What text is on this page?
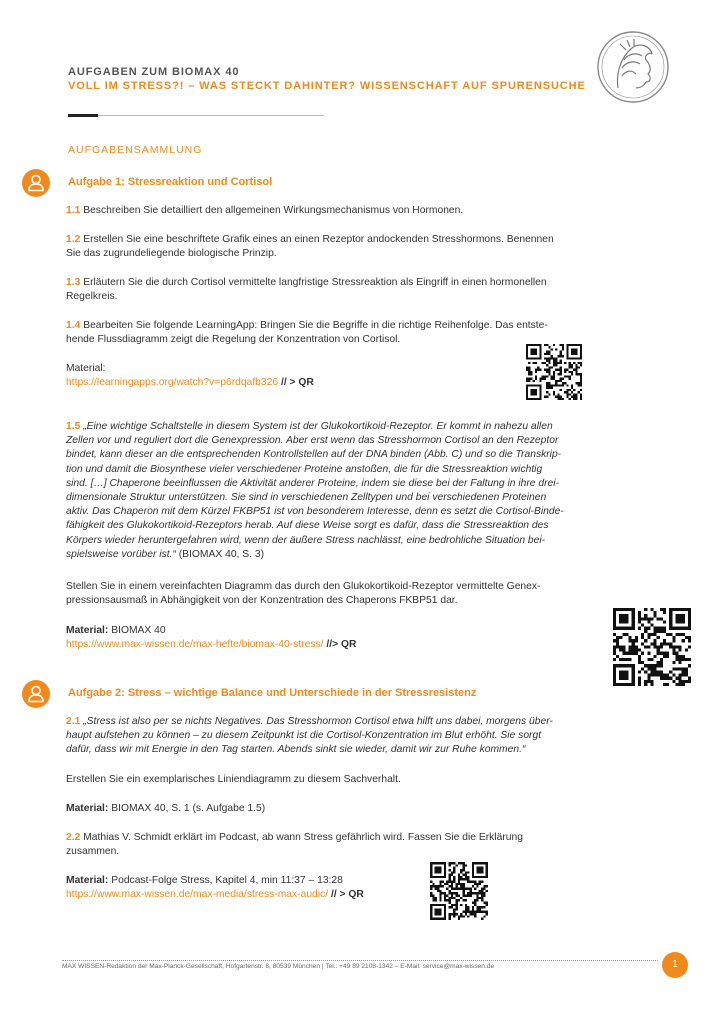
AUFGABEN ZUM BIOMAX 40
VOLL IM STRESS?! – WAS STECKT DAHINTER? WISSENSCHAFT AUF SPURENSUCHE
AUFGABENSAMMLUNG
Aufgabe 1: Stressreaktion und Cortisol
1.1 Beschreiben Sie detailliert den allgemeinen Wirkungsmechanismus von Hormonen.
1.2 Erstellen Sie eine beschriftete Grafik eines an einen Rezeptor andockenden Stresshormons. Benennen
Sie das zugrundeliegende biologische Prinzip.
1.3 Erläutern Sie die durch Cortisol vermittelte langfristige Stressreaktion als Eingriff in einen hormonellen
Regelkreis.
1.4 Bearbeiten Sie folgende LearningApp: Bringen Sie die Begriffe in die richtige Reihenfolge. Das entste-
hende Flussdiagramm zeigt die Regelung der Konzentration von Cortisol.
Material:
https://learningapps.org/watch?v=p6rdqafb326 // > QR
1.5 „Eine wichtige Schaltstelle in diesem System ist der Glukokortikoid-Rezeptor. Er kommt in nahezu allen
Zellen vor und reguliert dort die Genexpression. Aber erst wenn das Stresshormon Cortisol an den Rezeptor
bindet, kann dieser an die entsprechenden Kontrollstellen auf der DNA binden (Abb. C) und so die Transkrip-
tion und damit die Biosynthese vieler verschiedener Proteine anstoßen, die für die Stressreaktion wichtig
sind. […] Chaperone beeinflussen die Aktivität anderer Proteine, indem sie diese bei der Faltung in ihre drei-
dimensionale Struktur unterstützen. Sie sind in verschiedenen Zelltypen und bei verschiedenen Proteinen
aktiv. Das Chaperon mit dem Kürzel FKBP51 ist von besonderem Interesse, denn es setzt die Cortisol-Binde-
fähigkeit des Glukokortikoid-Rezeptors herab. Auf diese Weise sorgt es dafür, dass die Stressreaktion des
Körpers wieder heruntergefahren wird, wenn der äußere Stress nachlässt, eine bedrohliche Situation bei-
spielsweise vorüber ist.“ (BIOMAX 40, S. 3)
Stellen Sie in einem vereinfachten Diagramm das durch den Glukokortikoid-Rezeptor vermittelte Genex-
pressionsausmaß in Abhängigkeit von der Konzentration des Chaperons FKBP51 dar.
Material: BIOMAX 40
https://www.max-wissen.de/max-hefte/biomax-40-stress/ //> QR
Aufgabe 2: Stress – wichtige Balance und Unterschiede in der Stressresistenz
2.1 „Stress ist also per se nichts Negatives. Das Stresshormon Cortisol etwa hilft uns dabei, morgens über-
haupt aufstehen zu können – zu diesem Zeitpunkt ist die Cortisol-Konzentration im Blut erhöht. Sie sorgt
dafür, dass wir mit Energie in den Tag starten. Abends sinkt sie wieder, damit wir zur Ruhe kommen.“
Erstellen Sie ein exemplarisches Liniendiagramm zu diesem Sachverhalt.
Material: BIOMAX 40, S. 1 (s. Aufgabe 1.5)
2.2 Mathias V. Schmidt erklärt im Podcast, ab wann Stress gefährlich wird. Fassen Sie die Erklärung
zusammen.
Material: Podcast-Folge Stress, Kapitel 4, min 11:37 – 13:28
https://www.max-wissen.de/max-media/stress-max-audic/ // > QR
MAX WISSEN-Redaktion der Max-Planck-Gesellschaft, Hofgartenstr. 8, 80539 München | Tel.: +49 89 2108-1342 – E-Mail: service@max-wissen.de	1
